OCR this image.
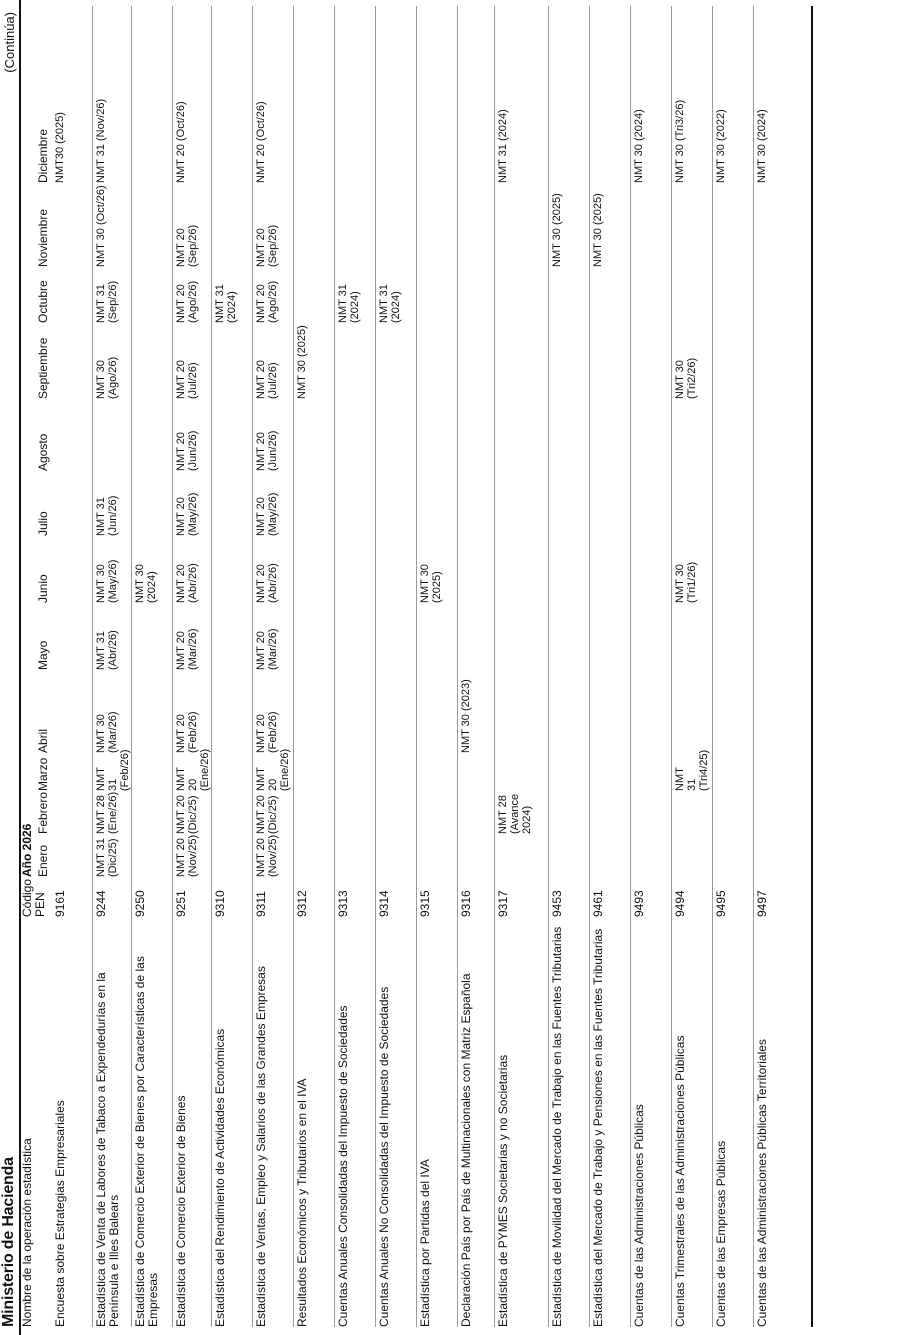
Ministerio de Hacienda
(Continúa)
Nombre de la operación estadística	Código PEN	Año 2026											
		Enero	Febrero	Marzo	Abril	Mayo	Junio	Julio	Agosto	Septiembre	Octubre	Noviembre	Diciembre
Encuesta sobre Estrategias Empresariales	9161												NMT30 (2025)
Estadística de Venta de Labores de Tabaco a Expendedurías en la Península e Illes Balears	9244	NMT 31 (Dic/25)	NMT 28 (Ene/26)	NMT 31 (Feb/26)	NMT 30 (Mar/26)	NMT 31 (Abr/26)	NMT 30 (May/26)	NMT 31 (Jun/26)		NMT 30 (Ago/26)	NMT 31 (Sep/26)	NMT 30 (Oct/26)	NMT 31 (Nov/26)
Estadística de Comercio Exterior de Bienes por Características de las Empresas	9250						NMT 30 (2024)						
Estadística de Comercio Exterior de Bienes	9251	NMT 20 (Nov/25)	NMT 20 (Dic/25)	NMT 20 (Ene/26)	NMT 20 (Feb/26)	NMT 20 (Mar/26)	NMT 20 (Abr/26)	NMT 20 (May/26)	NMT 20 (Jun/26)	NMT 20 (Jul/26)	NMT 20 (Ago/26)	NMT 20 (Sep/26)	NMT 20 (Oct/26)
Estadística del Rendimiento de Actividades Económicas	9310										NMT 31 (2024)		
Estadística de Ventas, Empleo y Salarios de las Grandes Empresas	9311	NMT 20 (Nov/25)	NMT 20 (Dic/25)	NMT 20 (Ene/26)	NMT 20 (Feb/26)	NMT 20 (Mar/26)	NMT 20 (Abr/26)	NMT 20 (May/26)	NMT 20 (Jun/26)	NMT 20 (Jul/26)	NMT 20 (Ago/26)	NMT 20 (Sep/26)	NMT 20 (Oct/26)
Resultados Económicos y Tributarios en el IVA	9312									NMT 30 (2025)			
Cuentas Anuales Consolidadas del Impuesto de Sociedades	9313										NMT 31 (2024)		
Cuentas Anuales No Consolidadas del Impuesto de Sociedades	9314										NMT 31 (2024)		
Estadística por Partidas del IVA	9315						NMT 30 (2025)						
Declaración País por País de Multinacionales con Matriz Española	9316				NMT 30 (2023)								
Estadística de PYMES Societarias y no Societarias	9317		NMT 28 (Avance 2024)										NMT 31 (2024)
Estadística de Movilidad del Mercado de Trabajo en las Fuentes Tributarias	9453											NMT 30 (2025)	
Estadística del Mercado de Trabajo y Pensiones en las Fuentes Tributarias	9461											NMT 30 (2025)	
Cuentas de las Administraciones Públicas	9493												NMT 30 (2024)
Cuentas Trimestrales de las Administraciones Públicas	9494			NMT 31 (Tri4/25)			NMT 30 (Tri1/26)			NMT 30 (Tri2/26)			NMT 30 (Tri3/26)
Cuentas de las Empresas Públicas	9495												NMT 30 (2022)
Cuentas de las Administraciones Públicas Territoriales	9497												NMT 30 (2024)
